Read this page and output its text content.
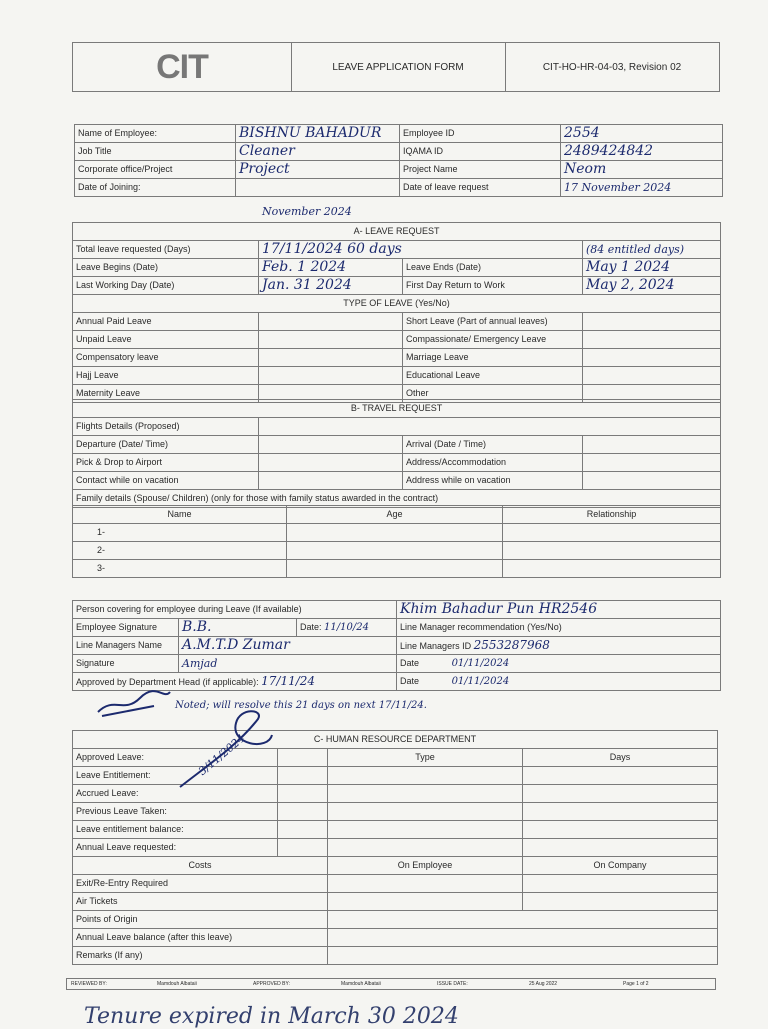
CIT	LEAVE APPLICATION FORM	CIT-HO-HR-04-03, Revision 02
Name of Employee:	BISHNU BAHADUR	Employee ID	2554
Job Title	Cleaner	IQAMA ID	2489424842
Corporate office/Project	Project	Project Name	Neom
Date of Joining:		Date of leave request	17 November 2024
November 2024
A- LEAVE REQUEST			
Total leave requested (Days)	17/11/2024 60 days		(84 entitled days)
Leave Begins (Date)	Feb. 1 2024	Leave Ends (Date)	May 1 2024
Last Working Day (Date)	Jan. 31 2024	First Day Return to Work	May 2, 2024
TYPE OF LEAVE (Yes/No)			
Annual Paid Leave		Short Leave (Part of annual leaves)	
Unpaid Leave		Compassionate/ Emergency Leave	
Compensatory leave		Marriage Leave	
Hajj Leave		Educational Leave	
Maternity Leave		Other	
B- TRAVEL REQUEST			
Flights Details (Proposed)			
Departure (Date/ Time)		Arrival (Date / Time)	
Pick & Drop to Airport		Address/Accommodation	
Contact while on vacation		Address while on vacation	
Family details (Spouse/ Children) (only for those with family status awarded in the contract)			
Name	Age	Relationship
1-		
2-		
3-		
Person covering for employee during Leave (If available)			Khim Bahadur Pun HR2546
Employee Signature	B.B.	Date: 11/10/24	Line Manager recommendation (Yes/No)
Line Managers Name	A.M.T.D Zumar		Line Managers ID 2553287968
Signature	Amjad		Date 01/11/2024
Approved by Department Head (if applicable): 17/11/24			Date 01/11/2024
Noted; will resolve this 21 days on next 17/11/24.
C- HUMAN RESOURCE DEPARTMENT			
Approved Leave:		Type	Days
Leave Entitlement:			
Accrued Leave:			
Previous Leave Taken:			
Leave entitlement balance:			
Annual Leave requested:			
Costs		On Employee	On Company
Exit/Re-Entry Required			
Air Tickets			
Points of Origin			
Annual Leave balance (after this leave)			
Remarks (If any)			
3/11/2024
REVIEWED BY:	Mamdouh Albataii	APPROVED BY:	Mamdouh Albataii	ISSUE DATE:	25 Aug 2022	Page 1 of 2
Tenure expired in March 30 2024
